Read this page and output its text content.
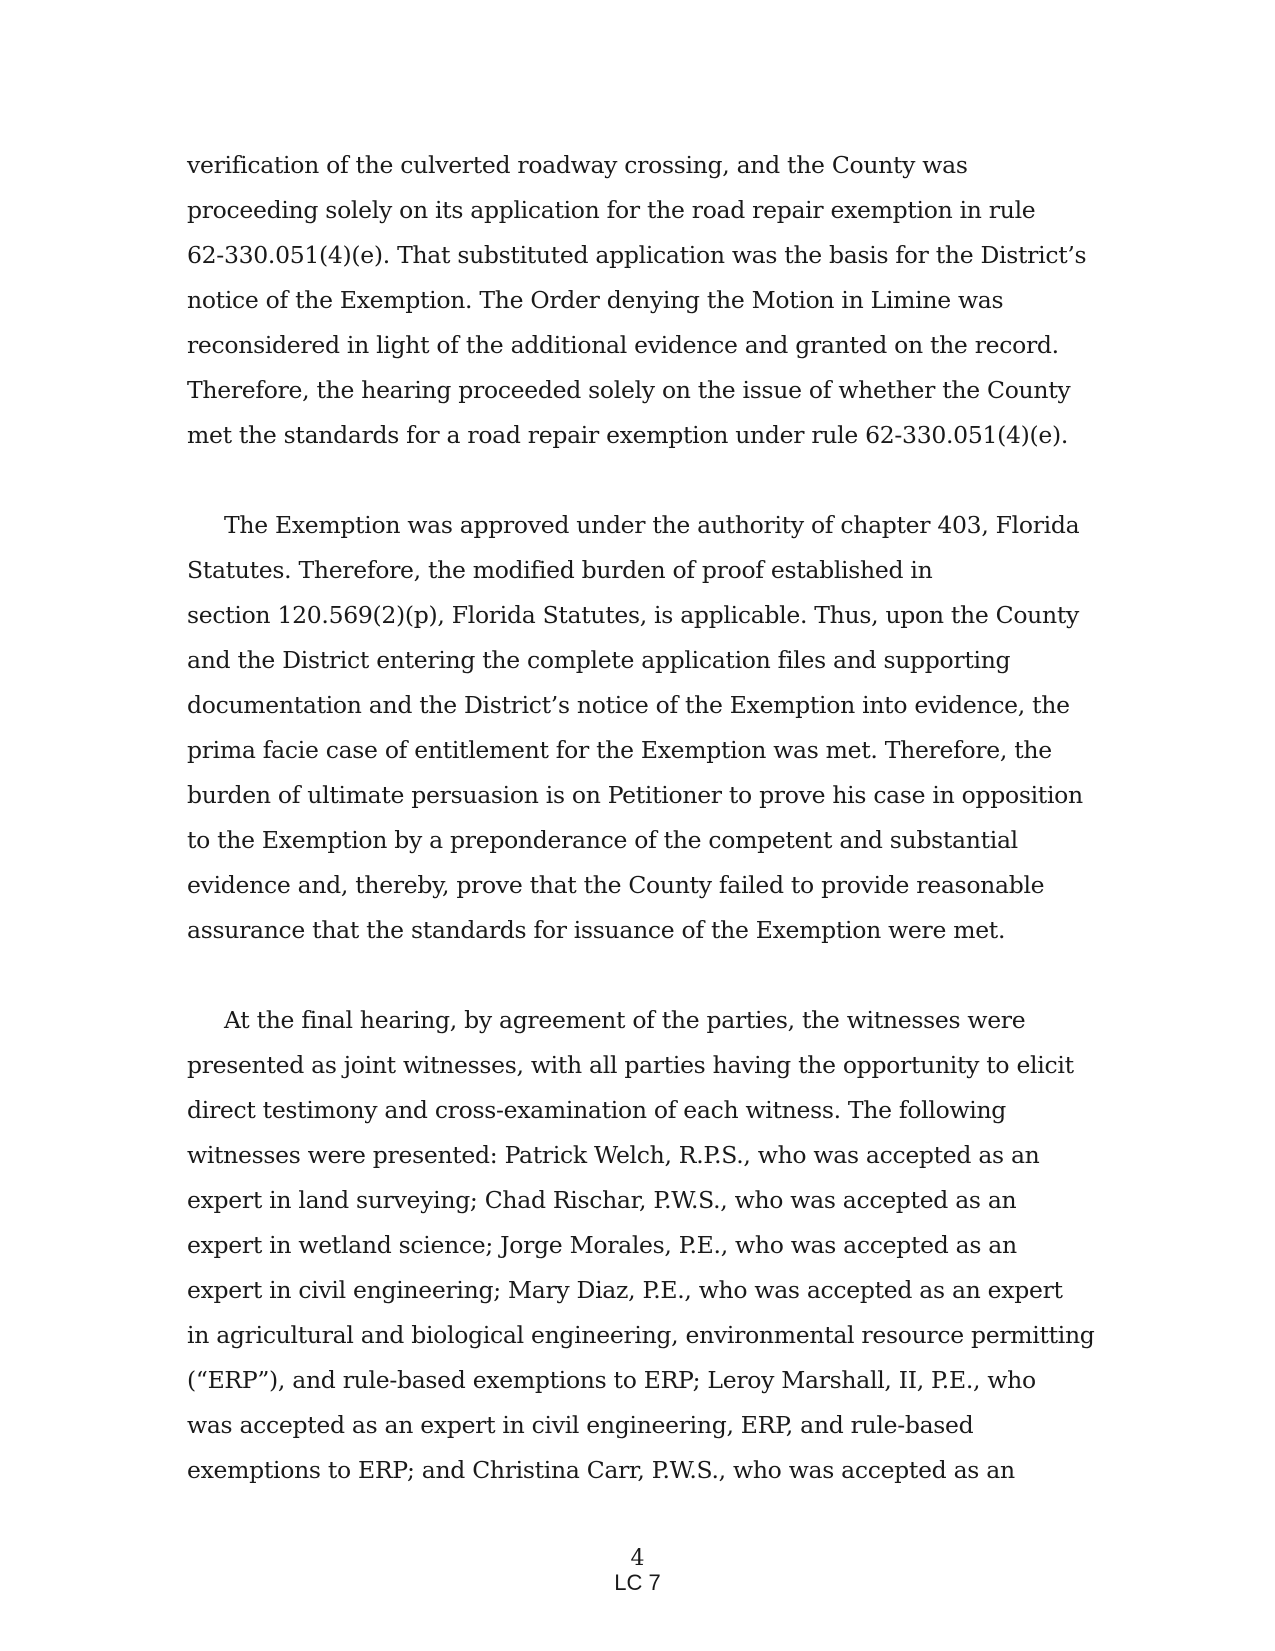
verification of the culverted roadway crossing, and the County was
proceeding solely on its application for the road repair exemption in rule
62-330.051(4)(e). That substituted application was the basis for the District’s
notice of the Exemption. The Order denying the Motion in Limine was
reconsidered in light of the additional evidence and granted on the record.
Therefore, the hearing proceeded solely on the issue of whether the County
met the standards for a road repair exemption under rule 62-330.051(4)(e).
The Exemption was approved under the authority of chapter 403, Florida
Statutes. Therefore, the modified burden of proof established in
section 120.569(2)(p), Florida Statutes, is applicable. Thus, upon the County
and the District entering the complete application files and supporting
documentation and the District’s notice of the Exemption into evidence, the
prima facie case of entitlement for the Exemption was met. Therefore, the
burden of ultimate persuasion is on Petitioner to prove his case in opposition
to the Exemption by a preponderance of the competent and substantial
evidence and, thereby, prove that the County failed to provide reasonable
assurance that the standards for issuance of the Exemption were met.
At the final hearing, by agreement of the parties, the witnesses were
presented as joint witnesses, with all parties having the opportunity to elicit
direct testimony and cross-examination of each witness. The following
witnesses were presented: Patrick Welch, R.P.S., who was accepted as an
expert in land surveying; Chad Rischar, P.W.S., who was accepted as an
expert in wetland science; Jorge Morales, P.E., who was accepted as an
expert in civil engineering; Mary Diaz, P.E., who was accepted as an expert
in agricultural and biological engineering, environmental resource permitting
(“ERP”), and rule-based exemptions to ERP; Leroy Marshall, II, P.E., who
was accepted as an expert in civil engineering, ERP, and rule-based
exemptions to ERP; and Christina Carr, P.W.S., who was accepted as an
4
LC 7
